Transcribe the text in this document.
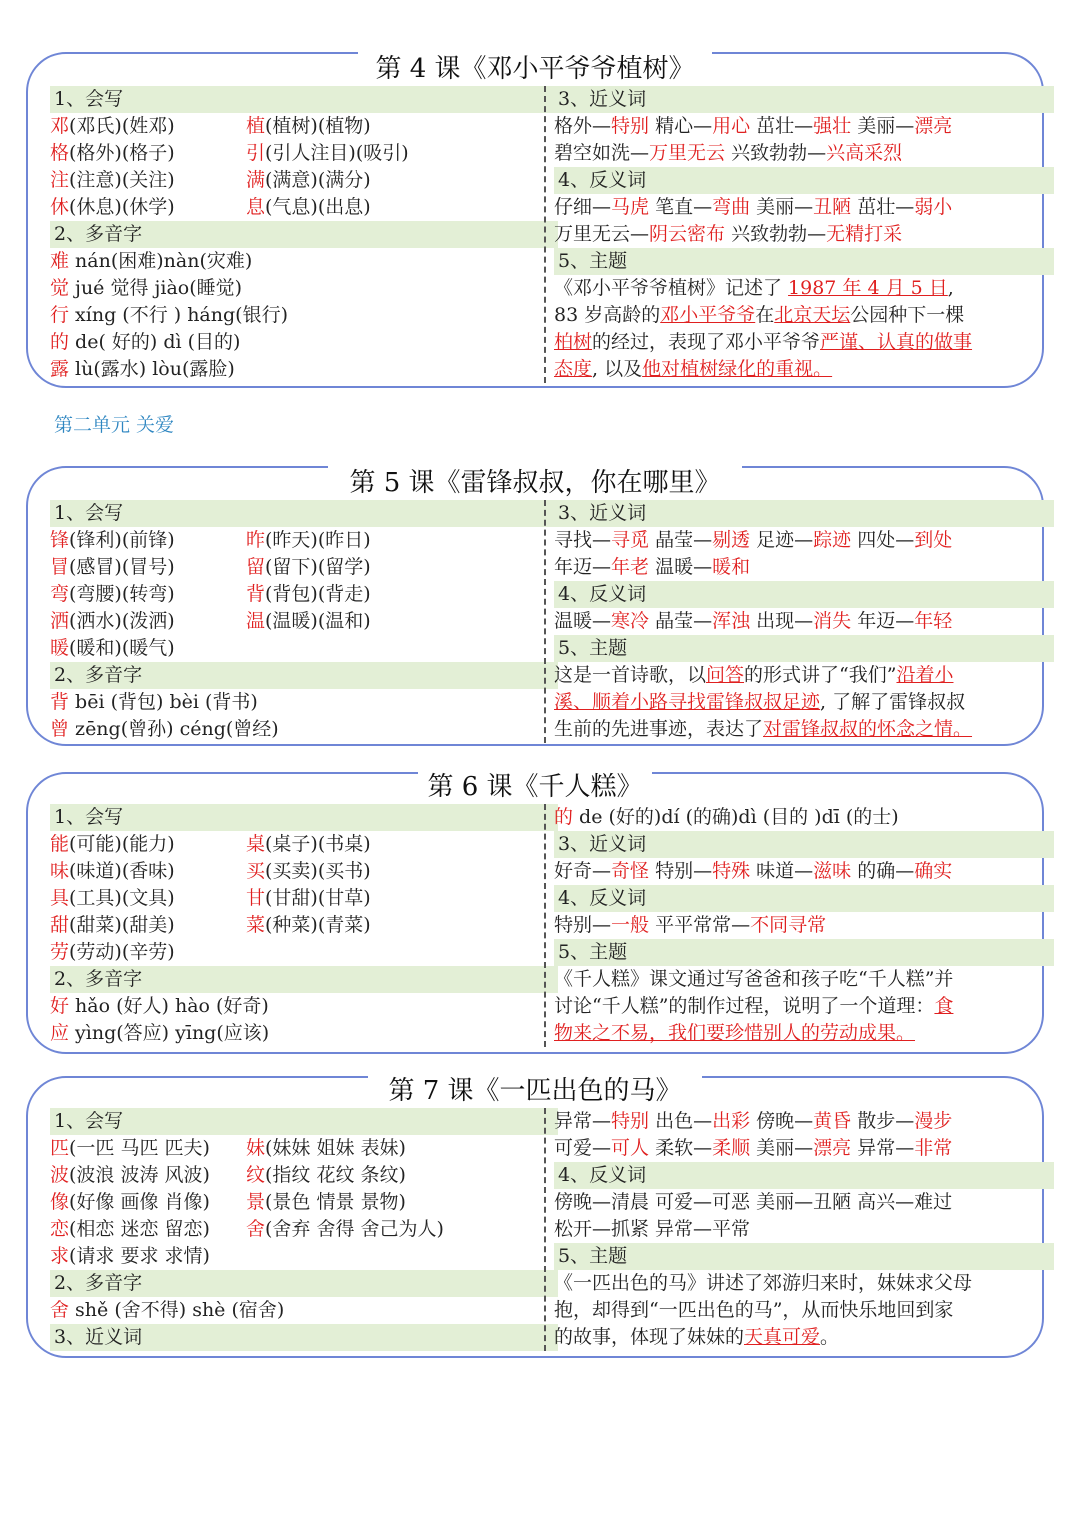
第 4 课《邓小平爷爷植树》
1、会写
邓(邓氏)(姓邓)	植(植树)(植物)
格(格外)(格子)	引(引人注目)(吸引)
注(注意)(关注)	满(满意)(满分)
休(休息)(休学)	息(气息)(出息)
2、多音字
难 nán(困难)nàn(灾难)
觉 jué 觉得 jiào(睡觉)
行 xíng (不行 ) háng(银行)
的 de( 好的) dì (目的)
露 lù(露水) lòu(露脸)
3、近义词
格外—特别 精心—用心 茁壮—强壮 美丽—漂亮
碧空如洗—万里无云 兴致勃勃—兴高采烈
4、反义词
仔细—马虎 笔直—弯曲 美丽—丑陋 茁壮—弱小
万里无云—阴云密布 兴致勃勃—无精打采
5、主题
《邓小平爷爷植树》记述了 1987 年 4 月 5 日,
83 岁高龄的邓小平爷爷在北京天坛公园种下一棵
柏树的经过，表现了邓小平爷爷严谨、认真的做事
态度, 以及他对植树绿化的重视。
第二单元 关爱
第 5 课《雷锋叔叔，你在哪里》
1、会写
锋(锋利)(前锋)	昨(昨天)(昨日)
冒(感冒)(冒号)	留(留下)(留学)
弯(弯腰)(转弯)	背(背包)(背走)
洒(洒水)(泼洒)	温(温暖)(温和)
暖(暖和)(暖气)
2、多音字
背 bēi (背包) bèi (背书)
曾 zēng(曾孙) céng(曾经)
3、近义词
寻找—寻觅 晶莹—剔透 足迹—踪迹 四处—到处
年迈—年老 温暖—暖和
4、反义词
温暖—寒冷 晶莹—浑浊 出现—消失 年迈—年轻
5、主题
这是一首诗歌，以问答的形式讲了“我们”沿着小
溪、顺着小路寻找雷锋叔叔足迹, 了解了雷锋叔叔
生前的先进事迹，表达了对雷锋叔叔的怀念之情。
第 6 课《千人糕》
1、会写
能(可能)(能力)	桌(桌子)(书桌)
味(味道)(香味)	买(买卖)(买书)
具(工具)(文具)	甘(甘甜)(甘草)
甜(甜菜)(甜美)	菜(种菜)(青菜)
劳(劳动)(辛劳)
2、多音字
好 hǎo (好人) hào (好奇)
应 yìng(答应) yīng(应该)
的 de (好的)dí (的确)dì (目的 )dī (的士)
3、近义词
好奇—奇怪 特别—特殊 味道—滋味 的确—确实
4、反义词
特别—一般 平平常常—不同寻常
5、主题
《千人糕》课文通过写爸爸和孩子吃“千人糕”并
讨论“千人糕”的制作过程，说明了一个道理：食
物来之不易，我们要珍惜别人的劳动成果。
第 7 课《一匹出色的马》
1、会写
匹(一匹 马匹 匹夫) 妹(妹妹 姐妹 表妹)
波(波浪 波涛 风波) 纹(指纹 花纹 条纹)
像(好像 画像 肖像) 景(景色 情景 景物)
恋(相恋 迷恋 留恋) 舍(舍弃 舍得 舍己为人)
求(请求 要求 求情)
2、多音字
舍 shě (舍不得) shè (宿舍)
3、近义词
异常—特别 出色—出彩 傍晚—黄昏 散步—漫步
可爱—可人 柔软—柔顺 美丽—漂亮 异常—非常
4、反义词
傍晚—清晨 可爱—可恶 美丽—丑陋 高兴—难过
松开—抓紧 异常—平常
5、主题
《一匹出色的马》讲述了郊游归来时，妹妹求父母
抱，却得到“一匹出色的马”，从而快乐地回到家
的故事，体现了妹妹的天真可爱。
